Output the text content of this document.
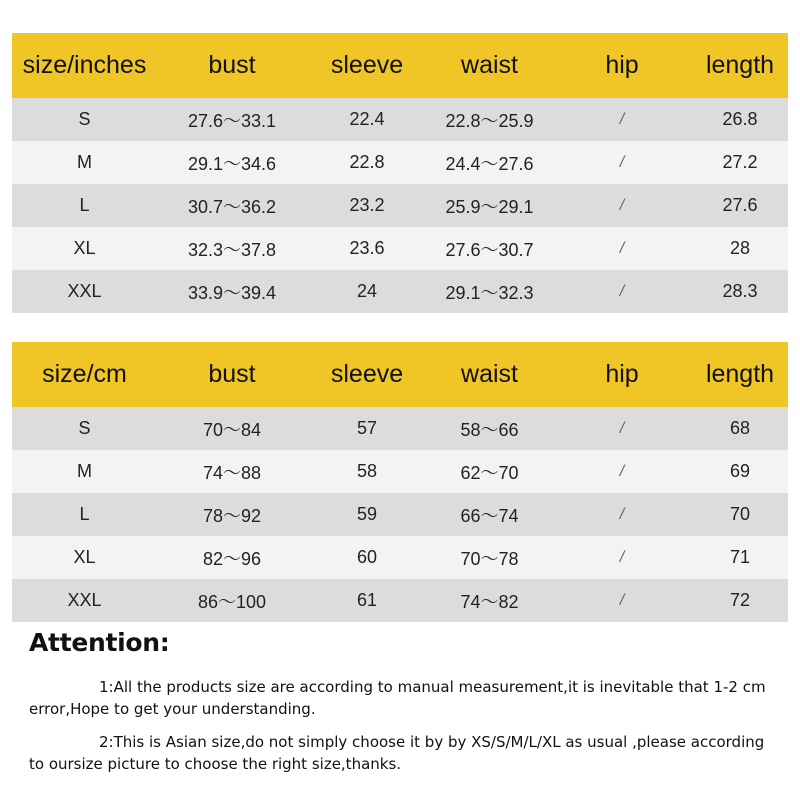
size/inches	bust	sleeve	waist	hip	length
S	27.6～33.1	22.4	22.8～25.9	/	26.8
M	29.1～34.6	22.8	24.4～27.6	/	27.2
L	30.7～36.2	23.2	25.9～29.1	/	27.6
XL	32.3～37.8	23.6	27.6～30.7	/	28
XXL	33.9～39.4	24	29.1～32.3	/	28.3
size/cm	bust	sleeve	waist	hip	length
S	70～84	57	58～66	/	68
M	74～88	58	62～70	/	69
L	78～92	59	66～74	/	70
XL	82～96	60	70～78	/	71
XXL	86～100	61	74～82	/	72
Attention:
1:All the products size are according to manual measurement,it is inevitable that 1-2 cm error,Hope to get your understanding.
2:This is Asian size,do not simply choose it by by XS/S/M/L/XL as usual ,please according to oursize picture to choose the right size,thanks.
